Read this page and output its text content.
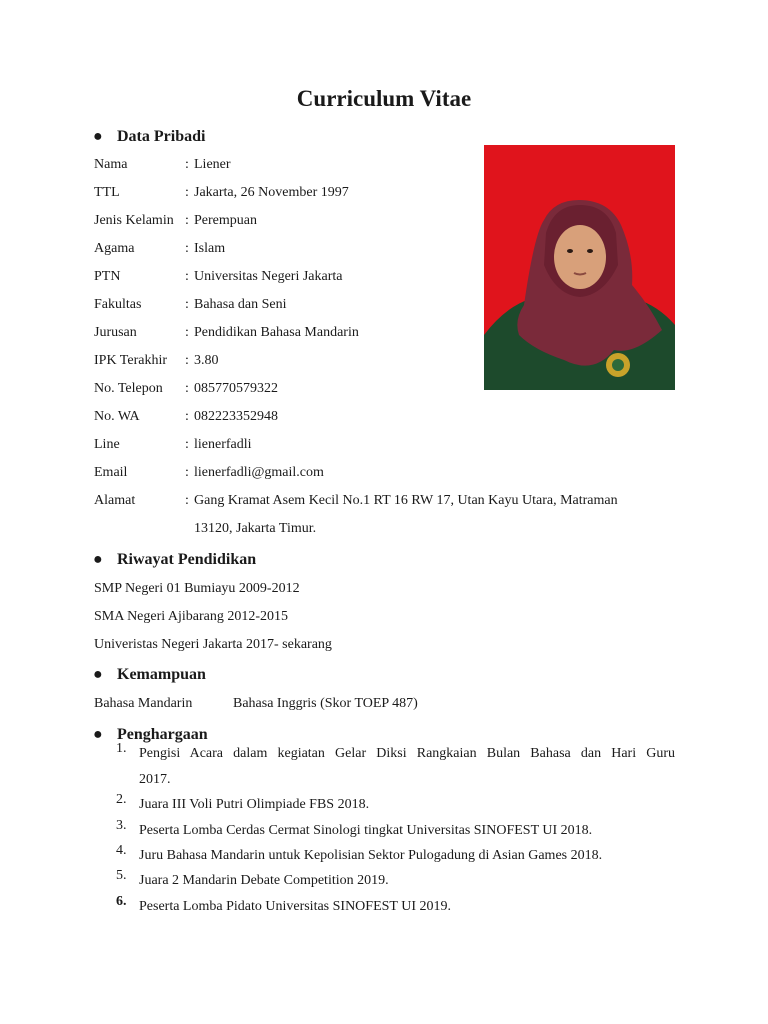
Curriculum Vitae
● Data Pribadi
Nama	: Liener
TTL	: Jakarta, 26 November 1997
Jenis Kelamin : Perempuan
Agama	: Islam
PTN	: Universitas Negeri Jakarta
Fakultas	: Bahasa dan Seni
Jurusan	: Pendidikan Bahasa Mandarin
IPK Terakhir : 3.80
No. Telepon : 085770579322
No. WA	: 082223352948
Line	: lienerfadli
Email	: lienerfadli@gmail.com
Alamat	: Gang Kramat Asem Kecil No.1 RT 16 RW 17, Utan Kayu Utara, Matraman
13120, Jakarta Timur.
● Riwayat Pendidikan
SMP Negeri 01 Bumiayu 2009-2012
SMA Negeri Ajibarang 2012-2015
Univeristas Negeri Jakarta 2017- sekarang
● Kemampuan
Bahasa Mandarin	Bahasa Inggris (Skor TOEP 487)
● Penghargaan
1. Pengisi Acara dalam kegiatan Gelar Diksi Rangkaian Bulan Bahasa dan Hari Guru
2017.
2. Juara III Voli Putri Olimpiade FBS 2018.
3. Peserta Lomba Cerdas Cermat Sinologi tingkat Universitas SINOFEST UI 2018.
4. Juru Bahasa Mandarin untuk Kepolisian Sektor Pulogadung di Asian Games 2018.
5. Juara 2 Mandarin Debate Competition 2019.
6. Peserta Lomba Pidato Universitas SINOFEST UI 2019.
